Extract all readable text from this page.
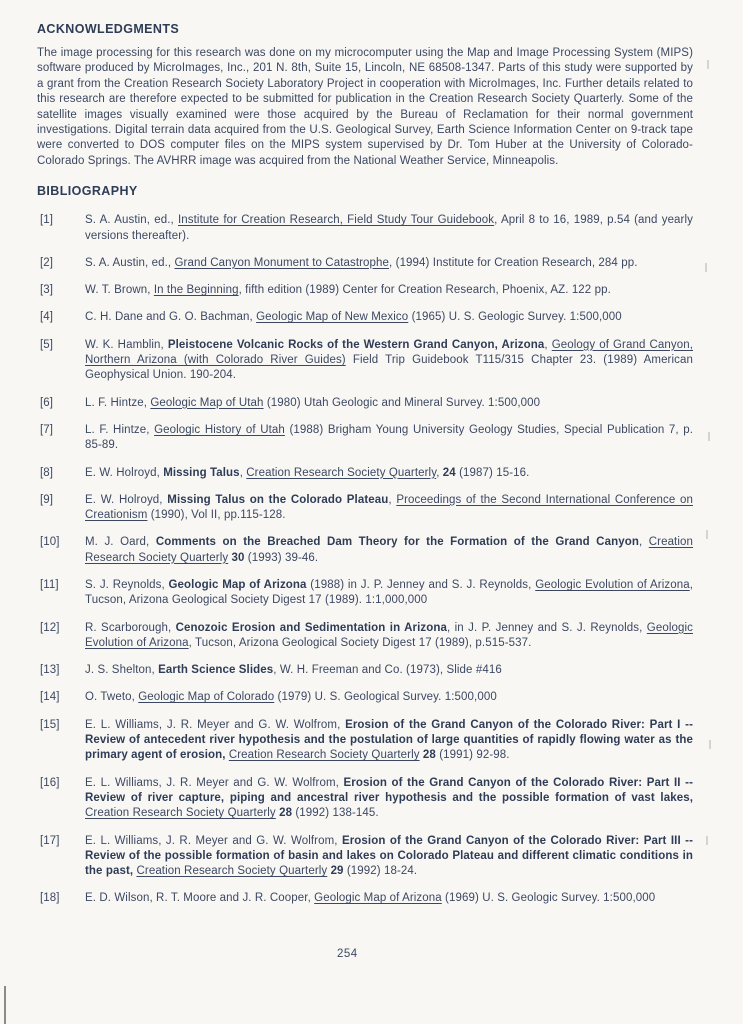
ACKNOWLEDGMENTS

The image processing for this research was done on my microcomputer using the Map and Image Processing System (MIPS) software produced by MicroImages, Inc., 201 N. 8th, Suite 15, Lincoln, NE 68508-1347. Parts of this study were supported by a grant from the Creation Research Society Laboratory Project in cooperation with MicroImages, Inc. Further details related to this research are therefore expected to be submitted for publication in the Creation Research Society Quarterly. Some of the satellite images visually examined were those acquired by the Bureau of Reclamation for their normal government investigations. Digital terrain data acquired from the U.S. Geological Survey, Earth Science Information Center on 9-track tape were converted to DOS computer files on the MIPS system supervised by Dr. Tom Huber at the University of Colorado-Colorado Springs. The AVHRR image was acquired from the National Weather Service, Minneapolis.

BIBLIOGRAPHY
[1]	S. A. Austin, ed., Institute for Creation Research, Field Study Tour Guidebook, April 8 to 16, 1989, p.54 (and yearly versions thereafter).
[2]	S. A. Austin, ed., Grand Canyon Monument to Catastrophe, (1994) Institute for Creation Research, 284 pp.
[3]	W. T. Brown, In the Beginning, fifth edition (1989) Center for Creation Research, Phoenix, AZ. 122 pp.
[4]	C. H. Dane and G. O. Bachman, Geologic Map of New Mexico (1965) U. S. Geologic Survey. 1:500,000
[5]	W. K. Hamblin, Pleistocene Volcanic Rocks of the Western Grand Canyon, Arizona, Geology of Grand Canyon, Northern Arizona (with Colorado River Guides) Field Trip Guidebook T115/315 Chapter 23. (1989) American Geophysical Union. 190-204.
[6]	L. F. Hintze, Geologic Map of Utah (1980) Utah Geologic and Mineral Survey. 1:500,000
[7]	L. F. Hintze, Geologic History of Utah (1988) Brigham Young University Geology Studies, Special Publication 7, p. 85-89.
[8]	E. W. Holroyd, Missing Talus, Creation Research Society Quarterly, 24 (1987) 15-16.
[9]	E. W. Holroyd, Missing Talus on the Colorado Plateau, Proceedings of the Second International Conference on Creationism (1990), Vol II, pp.115-128.
[10] M. J. Oard, Comments on the Breached Dam Theory for the Formation of the Grand Canyon, Creation Research Society Quarterly 30 (1993) 39-46.
[11] S. J. Reynolds, Geologic Map of Arizona (1988) in J. P. Jenney and S. J. Reynolds, Geologic Evolution of Arizona, Tucson, Arizona Geological Society Digest 17 (1989). 1:1,000,000
[12] R. Scarborough, Cenozoic Erosion and Sedimentation in Arizona, in J. P. Jenney and S. J. Reynolds, Geologic Evolution of Arizona, Tucson, Arizona Geological Society Digest 17 (1989), p.515-537.
[13] J. S. Shelton, Earth Science Slides, W. H. Freeman and Co. (1973), Slide #416
[14] O. Tweto, Geologic Map of Colorado (1979) U. S. Geological Survey. 1:500,000
[15] E. L. Williams, J. R. Meyer and G. W. Wolfrom, Erosion of the Grand Canyon of the Colorado River: Part I -- Review of antecedent river hypothesis and the postulation of large quantities of rapidly flowing water as the primary agent of erosion, Creation Research Society Quarterly 28 (1991) 92-98.
[16] E. L. Williams, J. R. Meyer and G. W. Wolfrom, Erosion of the Grand Canyon of the Colorado River: Part II -- Review of river capture, piping and ancestral river hypothesis and the possible formation of vast lakes, Creation Research Society Quarterly 28 (1992) 138-145.
[17] E. L. Williams, J. R. Meyer and G. W. Wolfrom, Erosion of the Grand Canyon of the Colorado River: Part III -- Review of the possible formation of basin and lakes on Colorado Plateau and different climatic conditions in the past, Creation Research Society Quarterly 29 (1992) 18-24.
[18] E. D. Wilson, R. T. Moore and J. R. Cooper, Geologic Map of Arizona (1969) U. S. Geologic Survey. 1:500,000
254
